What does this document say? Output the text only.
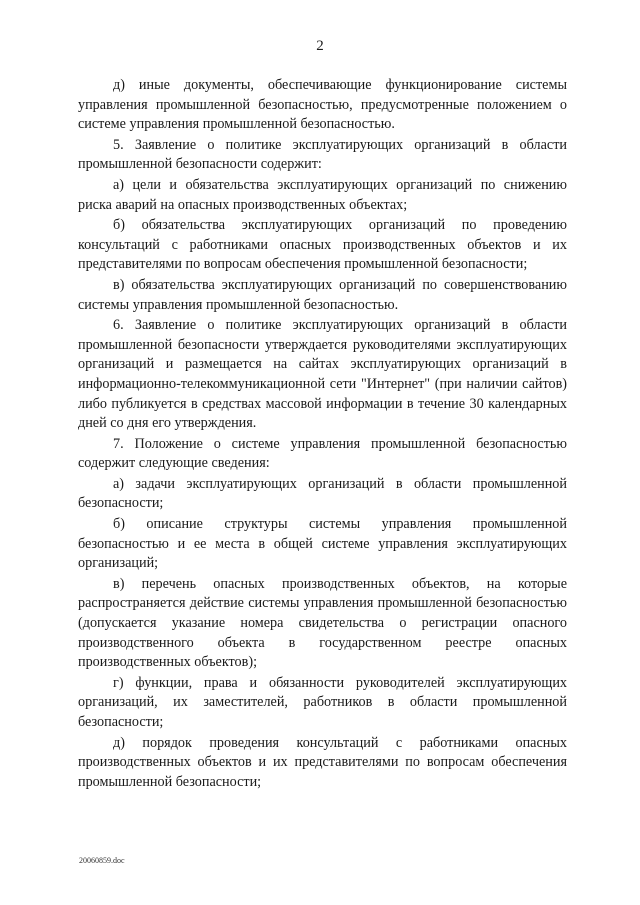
2

д) иные документы, обеспечивающие функционирование системы управления промышленной безопасностью, предусмотренные положением о системе управления промышленной безопасностью.

5. Заявление о политике эксплуатирующих организаций в области промышленной безопасности содержит:

а) цели и обязательства эксплуатирующих организаций по снижению риска аварий на опасных производственных объектах;

б) обязательства эксплуатирующих организаций по проведению консультаций с работниками опасных производственных объектов и их представителями по вопросам обеспечения промышленной безопасности;

в) обязательства эксплуатирующих организаций по совершенствованию системы управления промышленной безопасностью.

6. Заявление о политике эксплуатирующих организаций в области промышленной безопасности утверждается руководителями эксплуатирующих организаций и размещается на сайтах эксплуатирующих организаций в информационно-телекоммуникационной сети "Интернет" (при наличии сайтов) либо публикуется в средствах массовой информации в течение 30 календарных дней со дня его утверждения.

7. Положение о системе управления промышленной безопасностью содержит следующие сведения:

а) задачи эксплуатирующих организаций в области промышленной безопасности;

б) описание структуры системы управления промышленной безопасностью и ее места в общей системе управления эксплуатирующих организаций;

в) перечень опасных производственных объектов, на которые распространяется действие системы управления промышленной безопасностью (допускается указание номера свидетельства о регистрации опасного производственного объекта в государственном реестре опасных производственных объектов);

г) функции, права и обязанности руководителей эксплуатирующих организаций, их заместителей, работников в области промышленной безопасности;

д) порядок проведения консультаций с работниками опасных производственных объектов и их представителями по вопросам обеспечения промышленной безопасности;

20060859.doc
